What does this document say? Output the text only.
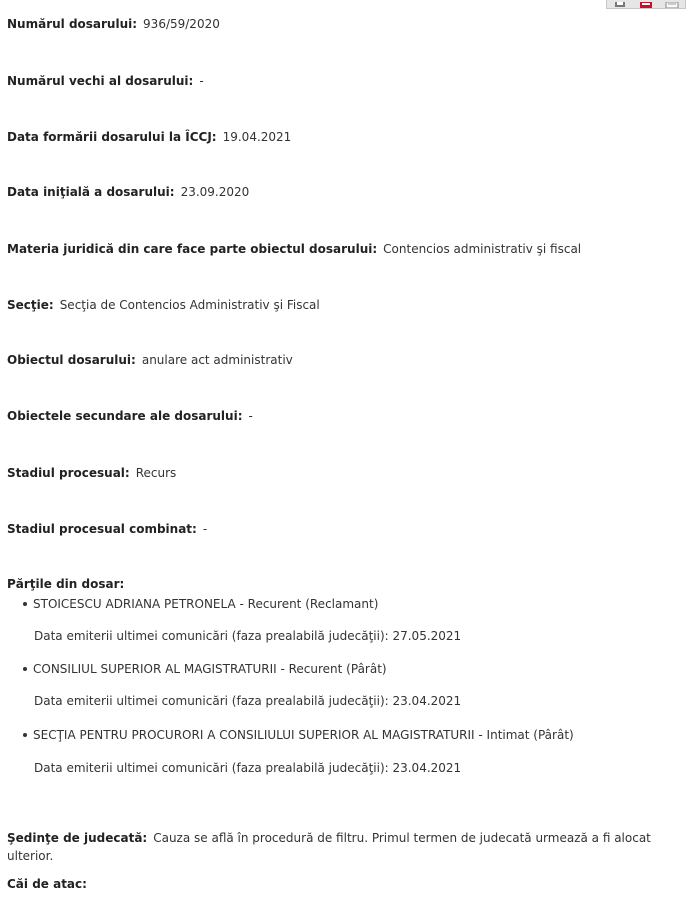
Numărul dosarului: 936/59/2020
Numărul vechi al dosarului: -
Data formării dosarului la ÎCCJ: 19.04.2021
Data iniţială a dosarului: 23.09.2020
Materia juridică din care face parte obiectul dosarului: Contencios administrativ şi fiscal
Secţie: Secţia de Contencios Administrativ şi Fiscal
Obiectul dosarului: anulare act administrativ
Obiectele secundare ale dosarului: -
Stadiul procesual: Recurs
Stadiul procesual combinat: -
Părţile din dosar:
STOICESCU ADRIANA PETRONELA - Recurent (Reclamant)
Data emiterii ultimei comunicări (faza prealabilă judecăţii): 27.05.2021
CONSILIUL SUPERIOR AL MAGISTRATURII - Recurent (Pârât)
Data emiterii ultimei comunicări (faza prealabilă judecăţii): 23.04.2021
SECŢIA PENTRU PROCURORI A CONSILIULUI SUPERIOR AL MAGISTRATURII - Intimat (Pârât)
Data emiterii ultimei comunicări (faza prealabilă judecăţii): 23.04.2021
Şedinţe de judecată: Cauza se află în procedură de filtru. Primul termen de judecată urmează a fi alocat ulterior.
Căi de atac:
